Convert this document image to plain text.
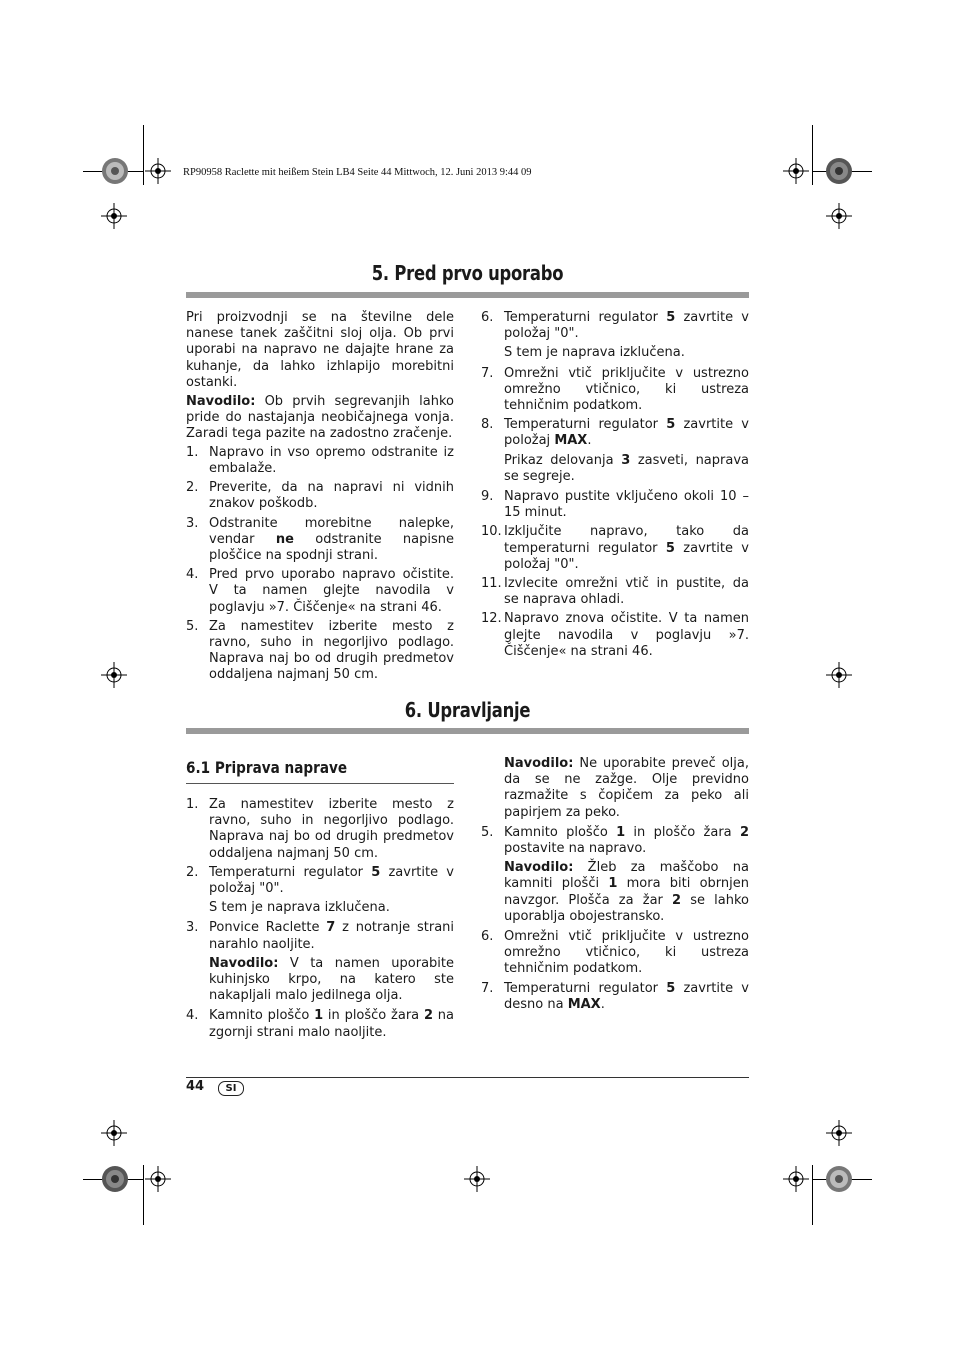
RP90958 Raclette mit heißem Stein LB4 Seite 44 Mittwoch, 12. Juni 2013 9:44 09
5. Pred prvo uporabo

Pri proizvodnji se na številne dele nanese tanek zaščitni sloj olja. Ob prvi uporabi na napravo ne dajajte hrane za kuhanje, da lahko izhlapijo morebitni ostanki.

Navodilo: Ob prvih segrevanjih lahko pride do nastajanja neobičajnega vonja. Zaradi tega pazite na zadostno zračenje.

1. Napravo in vso opremo odstranite iz embalaže.
2. Preverite, da na napravi ni vidnih znakov poškodb.
3. Odstranite morebitne nalepke, vendar ne odstranite napisne ploščice na spodnji strani.
4. Pred prvo uporabo napravo očistite. V ta namen glejte navodila v poglavju »7. Čiščenje« na strani 46.
5. Za namestitev izberite mesto z ravno, suho in negorljivo podlago. Naprava naj bo od drugih predmetov oddaljena najmanj 50 cm.
6. Temperaturni regulator 5 zavrtite v položaj "0".
S tem je naprava izklučena.
7. Omrežni vtič priključite v ustrezno omrežno vtičnico, ki ustreza tehničnim podatkom.
8. Temperaturni regulator 5 zavrtite v položaj MAX.
Prikaz delovanja 3 zasveti, naprava se segreje.
9. Napravo pustite vključeno okoli 10 – 15 minut.
10. Izključite napravo, tako da temperaturni regulator 5 zavrtite v položaj "0".
11. Izvlecite omrežni vtič in pustite, da se naprava ohladi.
12. Napravo znova očistite. V ta namen glejte navodila v poglavju »7. Čiščenje« na strani 46.
6. Upravljanje
6.1 Priprava naprave
1. Za namestitev izberite mesto z ravno, suho in negorljivo podlago. Naprava naj bo od drugih predmetov oddaljena najmanj 50 cm.
2. Temperaturni regulator 5 zavrtite v položaj "0".
S tem je naprava izklučena.
3. Ponvice Raclette 7 z notranje strani narahlo naoljite.
Navodilo: V ta namen uporabite kuhinjsko krpo, na katero ste nakapljali malo jedilnega olja.
4. Kamnito ploščo 1 in ploščo žara 2 na zgornji strani malo naoljite.
Navodilo: Ne uporabite preveč olja, da se ne zažge. Olje previdno razmažite s čopičem za peko ali papirjem za peko.
5. Kamnito ploščo 1 in ploščo žara 2 postavite na napravo.
Navodilo: Žleb za maščobo na kamniti plošči 1 mora biti obrnjen navzgor. Plošča za žar 2 se lahko uporablja obojestransko.
6. Omrežni vtič priključite v ustrezno omrežno vtičnico, ki ustreza tehničnim podatkom.
7. Temperaturni regulator 5 zavrtite v desno na MAX.
44	SI
